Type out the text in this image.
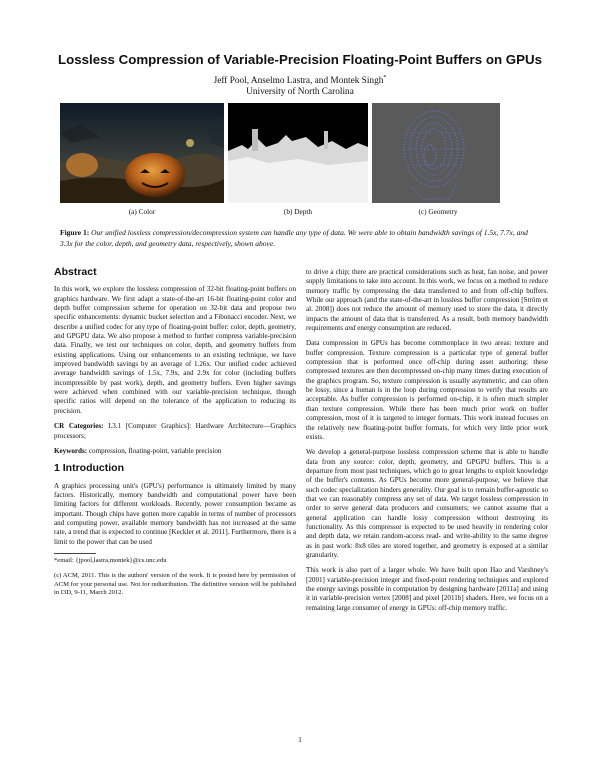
Lossless Compression of Variable-Precision Floating-Point Buffers on GPUs
Jeff Pool, Anselmo Lastra, and Montek Singh*
University of North Carolina
(a) Color	(b) Depth	(c) Geometry
Figure 1: Our unified lossless compression/decompression system can handle any type of data. We were able to obtain bandwidth savings of 1.5x, 7.7x, and 3.3x for the color, depth, and geometry data, respectively, shown above.
Abstract

In this work, we explore the lossless compression of 32-bit floating-point buffers on graphics hardware. We first adapt a state-of-the-art 16-bit floating-point color and depth buffer compression scheme for operation on 32-bit data and propose two specific enhancements: dynamic bucket selection and a Fibonacci encoder. Next, we describe a unified codec for any type of floating-point buffer: color, depth, geometry, and GPGPU data. We also propose a method to further compress variable-precision data. Finally, we test our techniques on color, depth, and geometry buffers from existing applications. Using our enhancements to an existing technique, we have improved bandwidth savings by an average of 1.26x. Our unified codec achieved average bandwidth savings of 1.5x, 7.9x, and 2.9x for color (including buffers incompressible by past work), depth, and geometry buffers. Even higher savings were achieved when combined with our variable-precision technique, though specific ratios will depend on the tolerance of the application to reducing its precision.

CR Categories: I.3.1 [Computer Graphics]: Hardware Architecture—Graphics processors;

Keywords: compression, floating-point, variable precision

1 Introduction

A graphics processing unit's (GPU's) performance is ultimately limited by many factors. Historically, memory bandwidth and computational power have been limiting factors for different workloads. Recently, power consumption became as important. Though chips have gotten more capable in terms of number of processors and computing power, available memory bandwidth has not increased at the same rate, a trend that is expected to continue [Keckler et al. 2011]. Furthermore, there is a limit to the power that can be used

*email: {jpool,lastra,montek}@cs.unc.edu

(c) ACM, 2011. This is the authors' version of the work. It is posted here by permission of ACM for your personal use. Not for redistribution. The definitive version will be published in I3D, 9-11, March 2012.

to drive a chip; there are practical considerations such as heat, fan noise, and power supply limitations to take into account. In this work, we focus on a method to reduce memory traffic by compressing the data transferred to and from off-chip buffers. While our approach (and the state-of-the-art in lossless buffer compression [Ström et al. 2008]) does not reduce the amount of memory used to store the data, it directly impacts the amount of data that is transferred. As a result, both memory bandwidth requirements and energy consumption are reduced.

Data compression in GPUs has become commonplace in two areas: texture and buffer compression. Texture compression is a particular type of general buffer compression that is performed once off-chip during asset authoring; these compressed textures are then decompressed on-chip many times during execution of the graphics program. So, texture compression is usually asymmetric, and can often be lossy, since a human is in the loop during compression to verify that results are acceptable. As buffer compression is performed on-chip, it is often much simpler than texture compression. While there has been much prior work on buffer compression, most of it is targeted to integer formats. This work instead focuses on the relatively new floating-point buffer formats, for which very little prior work exists.

We develop a general-purpose lossless compression scheme that is able to handle data from any source: color, depth, geometry, and GPGPU buffers. This is a departure from most past techniques, which go to great lengths to exploit knowledge of the buffer's contents. As GPUs become more general-purpose, we believe that such codec specialization hinders generality. Our goal is to remain buffer-agnostic so that we can reasonably compress any set of data. We target lossless compression in order to serve general data producers and consumers; we cannot assume that a general application can handle lossy compression without destroying its functionality. As this compressor is expected to be used heavily in rendering color and depth data, we retain random-access read- and write-ability to the same degree as in past work: 8x8 tiles are stored together, and geometry is exposed at a similar granularity.

This work is also part of a larger whole. We have built upon Hao and Varshney's [2001] variable-precision integer and fixed-point rendering techniques and explored the energy savings possible in computation by designing hardware [2011a] and using it in variable-precision vertex [2008] and pixel [2011b] shaders. Here, we focus on a remaining large consumer of energy in GPUs: off-chip memory traffic.

1
